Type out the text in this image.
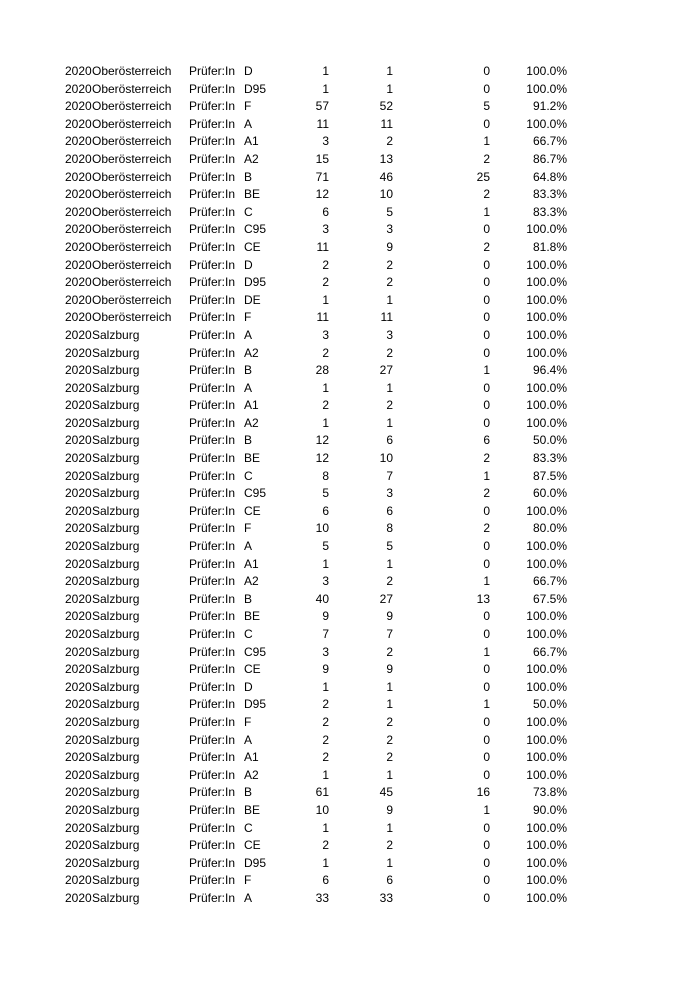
2020 Oberösterreich Prüfer:In D	1	1	0	100.0%
2020 Oberösterreich Prüfer:In D95	1	1	0	100.0%
2020 Oberösterreich Prüfer:In F	57	52	5	91.2%
2020 Oberösterreich Prüfer:In A	11	11	0	100.0%
2020 Oberösterreich Prüfer:In A1	3	2	1	66.7%
2020 Oberösterreich Prüfer:In A2	15	13	2	86.7%
2020 Oberösterreich Prüfer:In B	71	46	25	64.8%
2020 Oberösterreich Prüfer:In BE	12	10	2	83.3%
2020 Oberösterreich Prüfer:In C	6	5	1	83.3%
2020 Oberösterreich Prüfer:In C95	3	3	0	100.0%
2020 Oberösterreich Prüfer:In CE	11	9	2	81.8%
2020 Oberösterreich Prüfer:In D	2	2	0	100.0%
2020 Oberösterreich Prüfer:In D95	2	2	0	100.0%
2020 Oberösterreich Prüfer:In DE	1	1	0	100.0%
2020 Oberösterreich Prüfer:In F	11	11	0	100.0%
2020 Salzburg	Prüfer:In A	3	3	0	100.0%
2020 Salzburg	Prüfer:In A2	2	2	0	100.0%
2020 Salzburg	Prüfer:In B	28	27	1	96.4%
2020 Salzburg	Prüfer:In A	1	1	0	100.0%
2020 Salzburg	Prüfer:In A1	2	2	0	100.0%
2020 Salzburg	Prüfer:In A2	1	1	0	100.0%
2020 Salzburg	Prüfer:In B	12	6	6	50.0%
2020 Salzburg	Prüfer:In BE	12	10	2	83.3%
2020 Salzburg	Prüfer:In C	8	7	1	87.5%
2020 Salzburg	Prüfer:In C95	5	3	2	60.0%
2020 Salzburg	Prüfer:In CE	6	6	0	100.0%
2020 Salzburg	Prüfer:In F	10	8	2	80.0%
2020 Salzburg	Prüfer:In A	5	5	0	100.0%
2020 Salzburg	Prüfer:In A1	1	1	0	100.0%
2020 Salzburg	Prüfer:In A2	3	2	1	66.7%
2020 Salzburg	Prüfer:In B	40	27	13	67.5%
2020 Salzburg	Prüfer:In BE	9	9	0	100.0%
2020 Salzburg	Prüfer:In C	7	7	0	100.0%
2020 Salzburg	Prüfer:In C95	3	2	1	66.7%
2020 Salzburg	Prüfer:In CE	9	9	0	100.0%
2020 Salzburg	Prüfer:In D	1	1	0	100.0%
2020 Salzburg	Prüfer:In D95	2	1	1	50.0%
2020 Salzburg	Prüfer:In F	2	2	0	100.0%
2020 Salzburg	Prüfer:In A	2	2	0	100.0%
2020 Salzburg	Prüfer:In A1	2	2	0	100.0%
2020 Salzburg	Prüfer:In A2	1	1	0	100.0%
2020 Salzburg	Prüfer:In B	61	45	16	73.8%
2020 Salzburg	Prüfer:In BE	10	9	1	90.0%
2020 Salzburg	Prüfer:In C	1	1	0	100.0%
2020 Salzburg	Prüfer:In CE	2	2	0	100.0%
2020 Salzburg	Prüfer:In D95	1	1	0	100.0%
2020 Salzburg	Prüfer:In F	6	6	0	100.0%
2020 Salzburg	Prüfer:In A	33	33	0	100.0%
